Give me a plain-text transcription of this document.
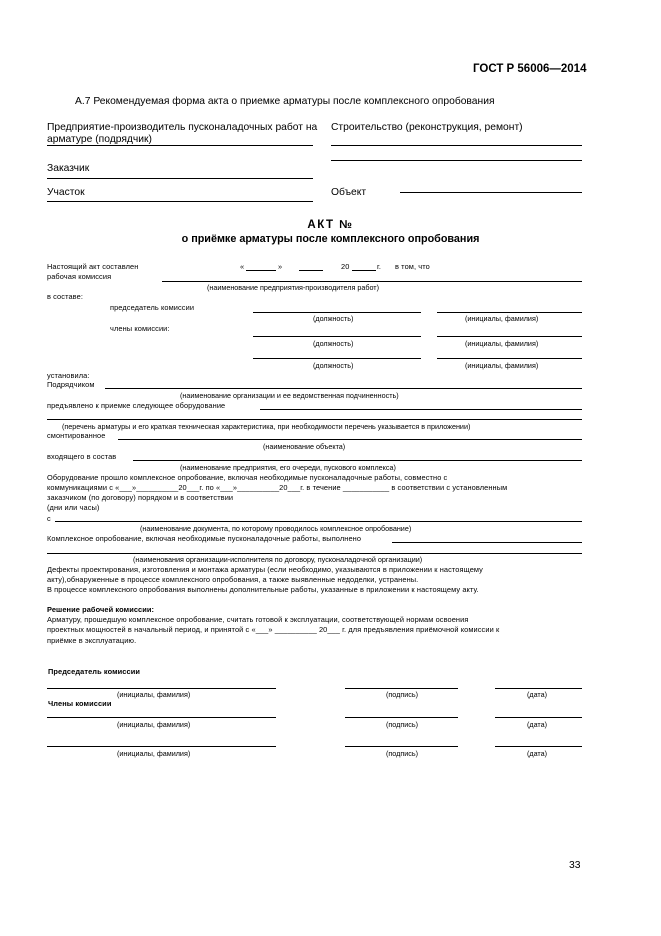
ГОСТ Р 56006—2014
А.7 Рекомендуемая форма акта о приемке арматуры после комплексного опробования
Предприятие-производитель пусконаладочных работ на
арматуре (подрядчик)
Строительство (реконструкция, ремонт)
Заказчик
Участок	Объект
АКТ №
о приёмке арматуры после комплексного опробования
Настоящий акт составлен	«	»	20	г. в том, что
рабочая комиссия
(наименование предприятия-производителя работ)
в составе:
председатель комиссии
члены комиссии:
(должность)	(инициалы, фамилия)
(должность)	(инициалы, фамилия)
(должность)	(инициалы, фамилия)
установила:
Подрядчиком
(наименование организации и ее ведомственная подчиненность)
предъявлено к приемке следующее оборудование
(перечень арматуры и его краткая техническая характеристика, при необходимости перечень указывается в приложении)
смонтированное
(наименование объекта)
входящего в состав
(наименование предприятия, его очереди, пускового комплекса)
Оборудование прошло комплексное опробование, включая необходимые пусконаладочные работы, совместно с
коммуникациями с «___»__________20___г. по «___»__________20___г. в течение ___________ в соответствии с установленным
заказчиком (по договору) порядком и в соответствии
(дни или часы)
с
(наименование документа, по которому проводилось комплексное опробование)
Комплексное опробование, включая необходимые пусконаладочные работы, выполнено
(наименования организации-исполнителя по договору, пусконаладочной организации)
Дефекты проектирования, изготовления и монтажа арматуры (если необходимо, указываются в приложении к настоящему
акту),обнаруженные в процессе комплексного опробования, а также выявленные недоделки, устранены.
В процессе комплексного опробования выполнены дополнительные работы, указанные в приложении к настоящему акту.
Решение рабочей комиссии:
Арматуру, прошедшую комплексное опробование, считать готовой к эксплуатации, соответствующей нормам освоения
проектных мощностей в начальный период, и принятой с «___» __________ 20___ г. для предъявления приёмочной комиссии к
приёмке в эксплуатацию.
Председатель комиссии
(инициалы, фамилия)	(подпись)	(дата)
Члены комиссии
(инициалы, фамилия)	(подпись)	(дата)
(инициалы, фамилия)	(подпись)	(дата)
33
